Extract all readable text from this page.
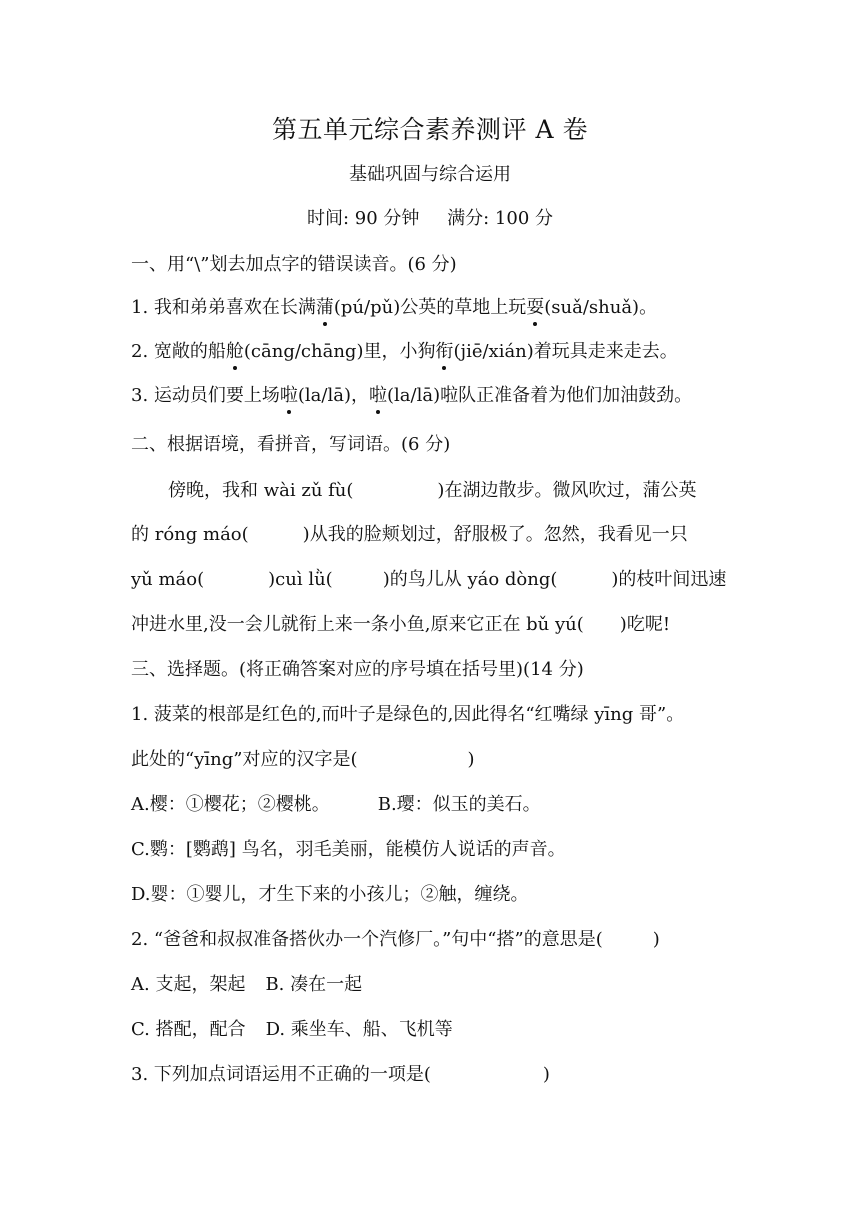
第五单元综合素养测评 A 卷
基础巩固与综合运用
时间: 90 分钟 满分: 100 分
一、用“\”划去加点字的错误读音。(6 分)
1. 我和弟弟喜欢在长满蒲(pú/pǔ)公英的草地上玩耍(suǎ/shuǎ)。
2. 宽敞的船舱(cāng/chāng)里，小狗衔(jiē/xián)着玩具走来走去。
3. 运动员们要上场啦(la/lā)，啦(la/lā)啦队正准备着为他们加油鼓劲。
二、根据语境，看拼音，写词语。(6 分)
傍晚，我和 wài zǔ fù(	)在湖边散步。微风吹过，蒲公英
的 róng máo(	)从我的脸颊划过，舒服极了。忽然，我看见一只
yǔ máo(	)cuì lǜ(	)的鸟儿从 yáo dòng(	)的枝叶间迅速
冲进水里,没一会儿就衔上来一条小鱼,原来它正在 bǔ yú( )吃呢!
三、选择题。(将正确答案对应的序号填在括号里)(14 分)
1. 菠菜的根部是红色的,而叶子是绿色的,因此得名“红嘴绿 yīng 哥”。
此处的“yīng”对应的汉字是(	)
A.樱：①樱花；②樱桃。	B.璎：似玉的美石。
C.鹦：[鹦鹉] 鸟名，羽毛美丽，能模仿人说话的声音。
D.婴：①婴儿，才生下来的小孩儿；②触，缠绕。
2. “爸爸和叔叔准备搭伙办一个汽修厂。”句中“搭”的意思是(	)
A. 支起，架起 B. 凑在一起
C. 搭配，配合 D. 乘坐车、船、飞机等
3. 下列加点词语运用不正确的一项是(	)
